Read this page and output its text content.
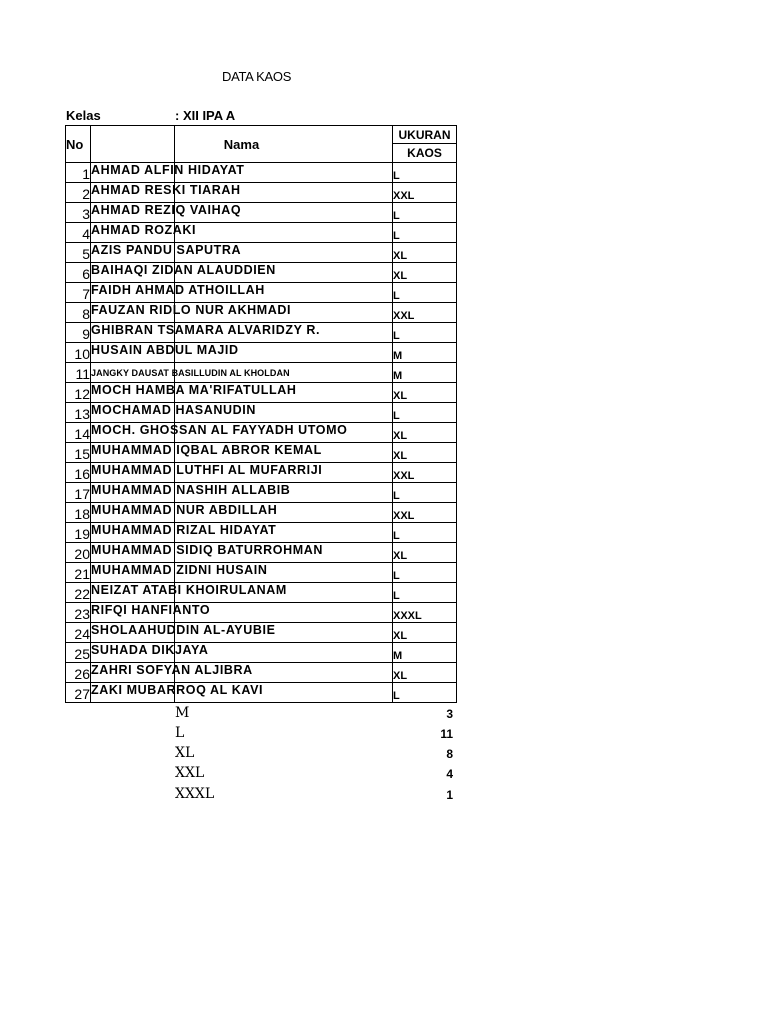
DATA KAOS
Kelas	: XII IPA A
No	Nama	UKURAN
		KAOS
1	AHMAD ALFIN HIDAYAT	L
2	AHMAD RESKI TIARAH	XXL
3	AHMAD REZIQ VAIHAQ	L
4	AHMAD ROZAKI	L
5	AZIS PANDU SAPUTRA	XL
6	BAIHAQI ZIDAN ALAUDDIEN	XL
7	FAIDH AHMAD ATHOILLAH	L
8	FAUZAN RIDLO NUR AKHMADI	XXL
9	GHIBRAN TSAMARA ALVARIDZY R.	L
10	HUSAIN ABDUL MAJID	M
11	JANGKY DAUSAT BASILLUDIN AL KHOLDAN	M
12	MOCH HAMBA MA'RIFATULLAH	XL
13	MOCHAMAD HASANUDIN	L
14	MOCH. GHOSSAN AL FAYYADH UTOMO	XL
15	MUHAMMAD IQBAL ABROR KEMAL	XL
16	MUHAMMAD LUTHFI AL MUFARRIJI	XXL
17	MUHAMMAD NASHIH ALLABIB	L
18	MUHAMMAD NUR ABDILLAH	XXL
19	MUHAMMAD RIZAL HIDAYAT	L
20	MUHAMMAD SIDIQ BATURROHMAN	XL
21	MUHAMMAD ZIDNI HUSAIN	L
22	NEIZAT ATABI KHOIRULANAM	L
23	RIFQI HANFIANTO	XXXL
24	SHOLAAHUDDIN AL-AYUBIE	XL
25	SUHADA DIKJAYA	M
26	ZAHRI SOFYAN ALJIBRA	XL
27	ZAKI MUBARROQ AL KAVI	L
M	3
L	11
XL	8
XXL	4
XXXL	1
